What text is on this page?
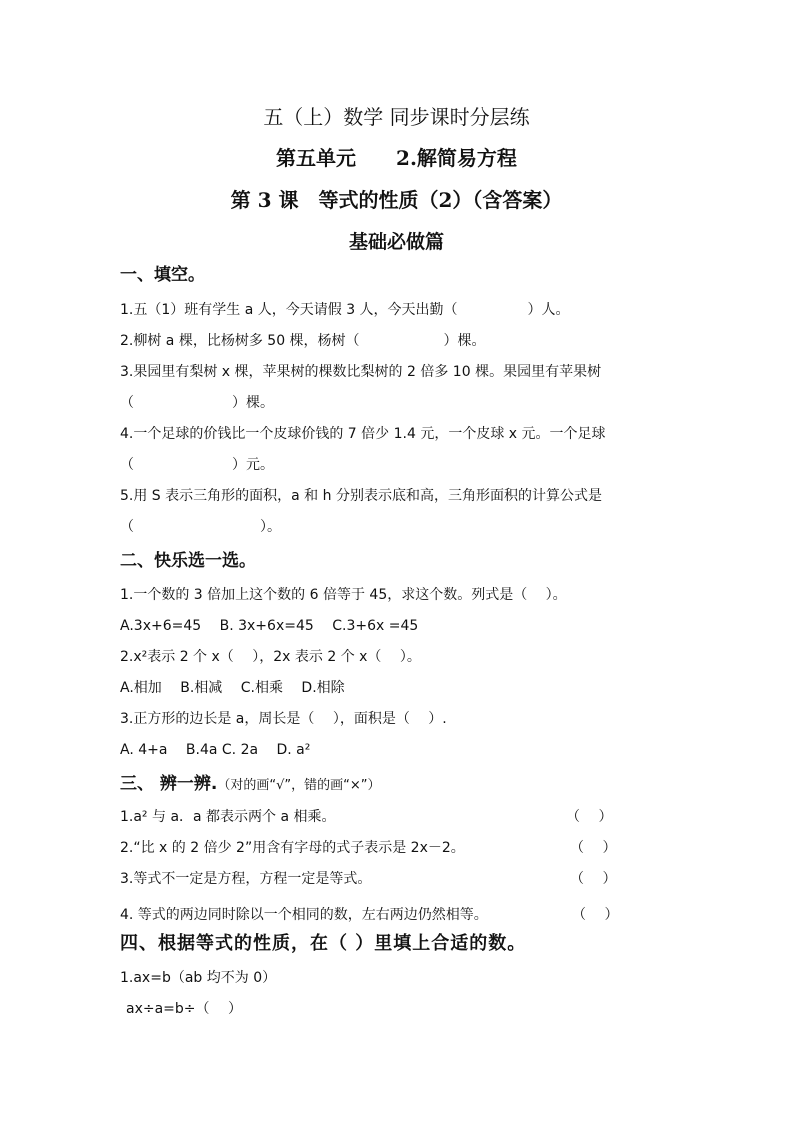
五（上）数学 同步课时分层练
第五单元　　2.解简易方程
第 3 课　等式的性质（2）（含答案）
基础必做篇
一、填空。
1.五（1）班有学生 a 人，今天请假 3 人，今天出勤（　　　　　）人。
2.柳树 a 棵，比杨树多 50 棵，杨树（　　　　　　）棵。
3.果园里有梨树 x 棵，苹果树的棵数比梨树的 2 倍多 10 棵。果园里有苹果树
（　　　　　　　）棵。
4.一个足球的价钱比一个皮球价钱的 7 倍少 1.4 元，一个皮球 x 元。一个足球
（　　　　　　　）元。
5.用 S 表示三角形的面积，a 和 h 分别表示底和高，三角形面积的计算公式是
（　　　　　　　　　）。
二、快乐选一选。
1.一个数的 3 倍加上这个数的 6 倍等于 45，求这个数。列式是（　 ）。
A.3x+6=45　 B. 3x+6x=45　 C.3+6x =45
2.x²表示 2 个 x（　 ），2x 表示 2 个 x（　 ）。
A.相加　 B.相减　 C.相乘　 D.相除
3.正方形的边长是 a，周长是（　 ），面积是（　 ）.
A. 4+a　 B.4a C. 2a　 D. a²
三、 辨一辨.（对的画“√”，错的画“×”）
1.a² 与 a．a 都表示两个 a 相乘。	（　 ）
2.“比 x 的 2 倍少 2”用含有字母的式子表示是 2x－2。	（　 ）
3.等式不一定是方程，方程一定是等式。	（　 ）
4. 等式的两边同时除以一个相同的数，左右两边仍然相等。	（　 ）
四、根据等式的性质，在（ ）里填上合适的数。
1.ax=b（ab 均不为 0）
ax÷a=b÷（　 ）
